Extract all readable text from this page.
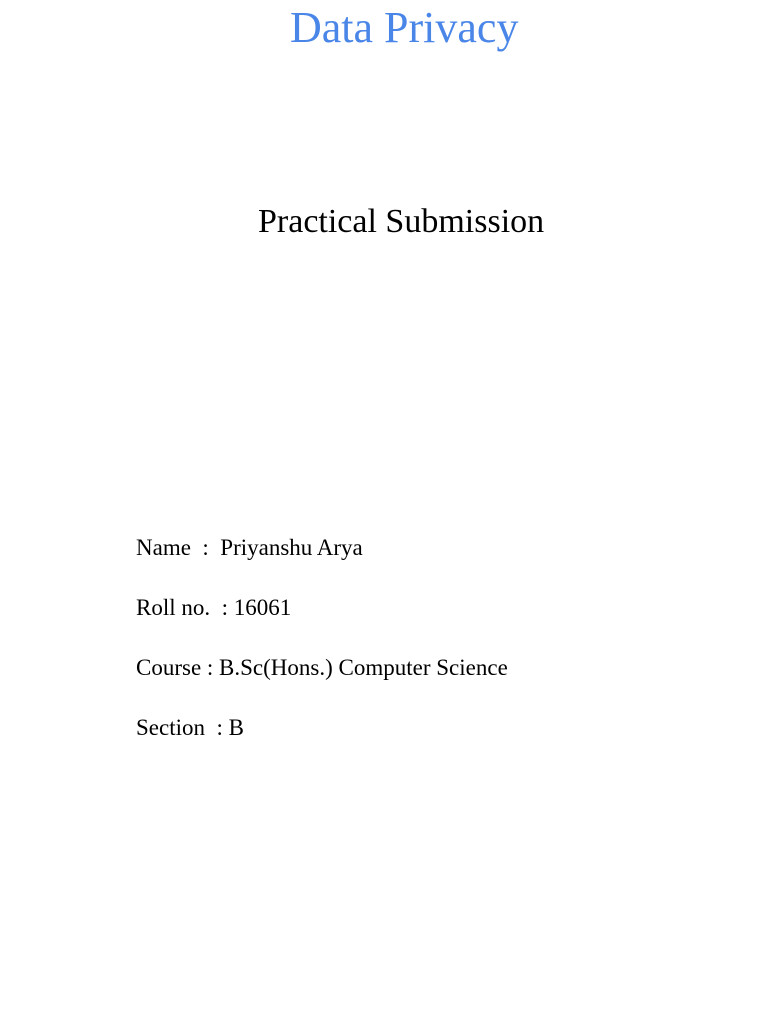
Data Privacy
Practical Submission
Name  :  Priyanshu Arya
Roll no.  : 16061
Course : B.Sc(Hons.) Computer Science
Section  : B
